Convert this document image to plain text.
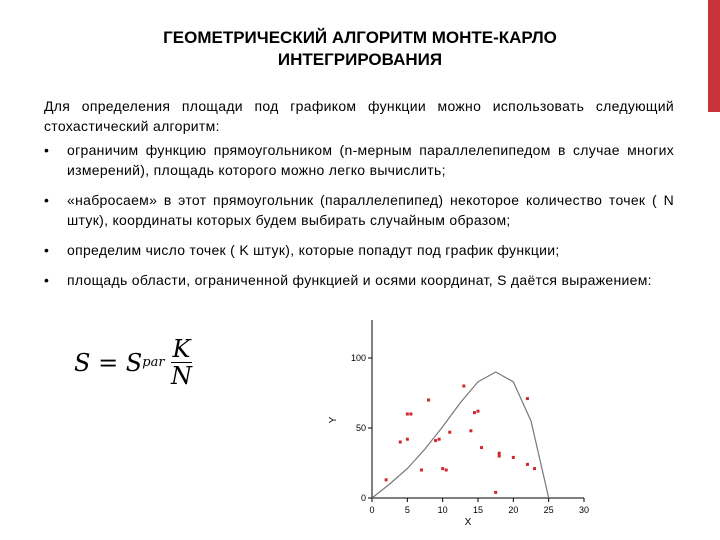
ГЕОМЕТРИЧЕСКИЙ АЛГОРИТМ МОНТЕ-КАРЛО
ИНТЕГРИРОВАНИЯ
Для определения площади под графиком функции можно использовать следующий стохастический алгоритм:
• ограничим функцию прямоугольником (n-мерным параллелепипедом в случае многих измерений), площадь которого можно легко вычислить;
• «набросаем» в этот прямоугольник (параллелепипед) некоторое количество точек ( N штук), координаты которых будем выбирать случайным образом;
• определим число точек ( K штук), которые попадут под график функции;
• площадь области, ограниченной функцией и осями координат, S даётся выражением:
S = S par $\frac{K}{N}$
0	5	10	15	20	25	30
0
50
100
X
Y
